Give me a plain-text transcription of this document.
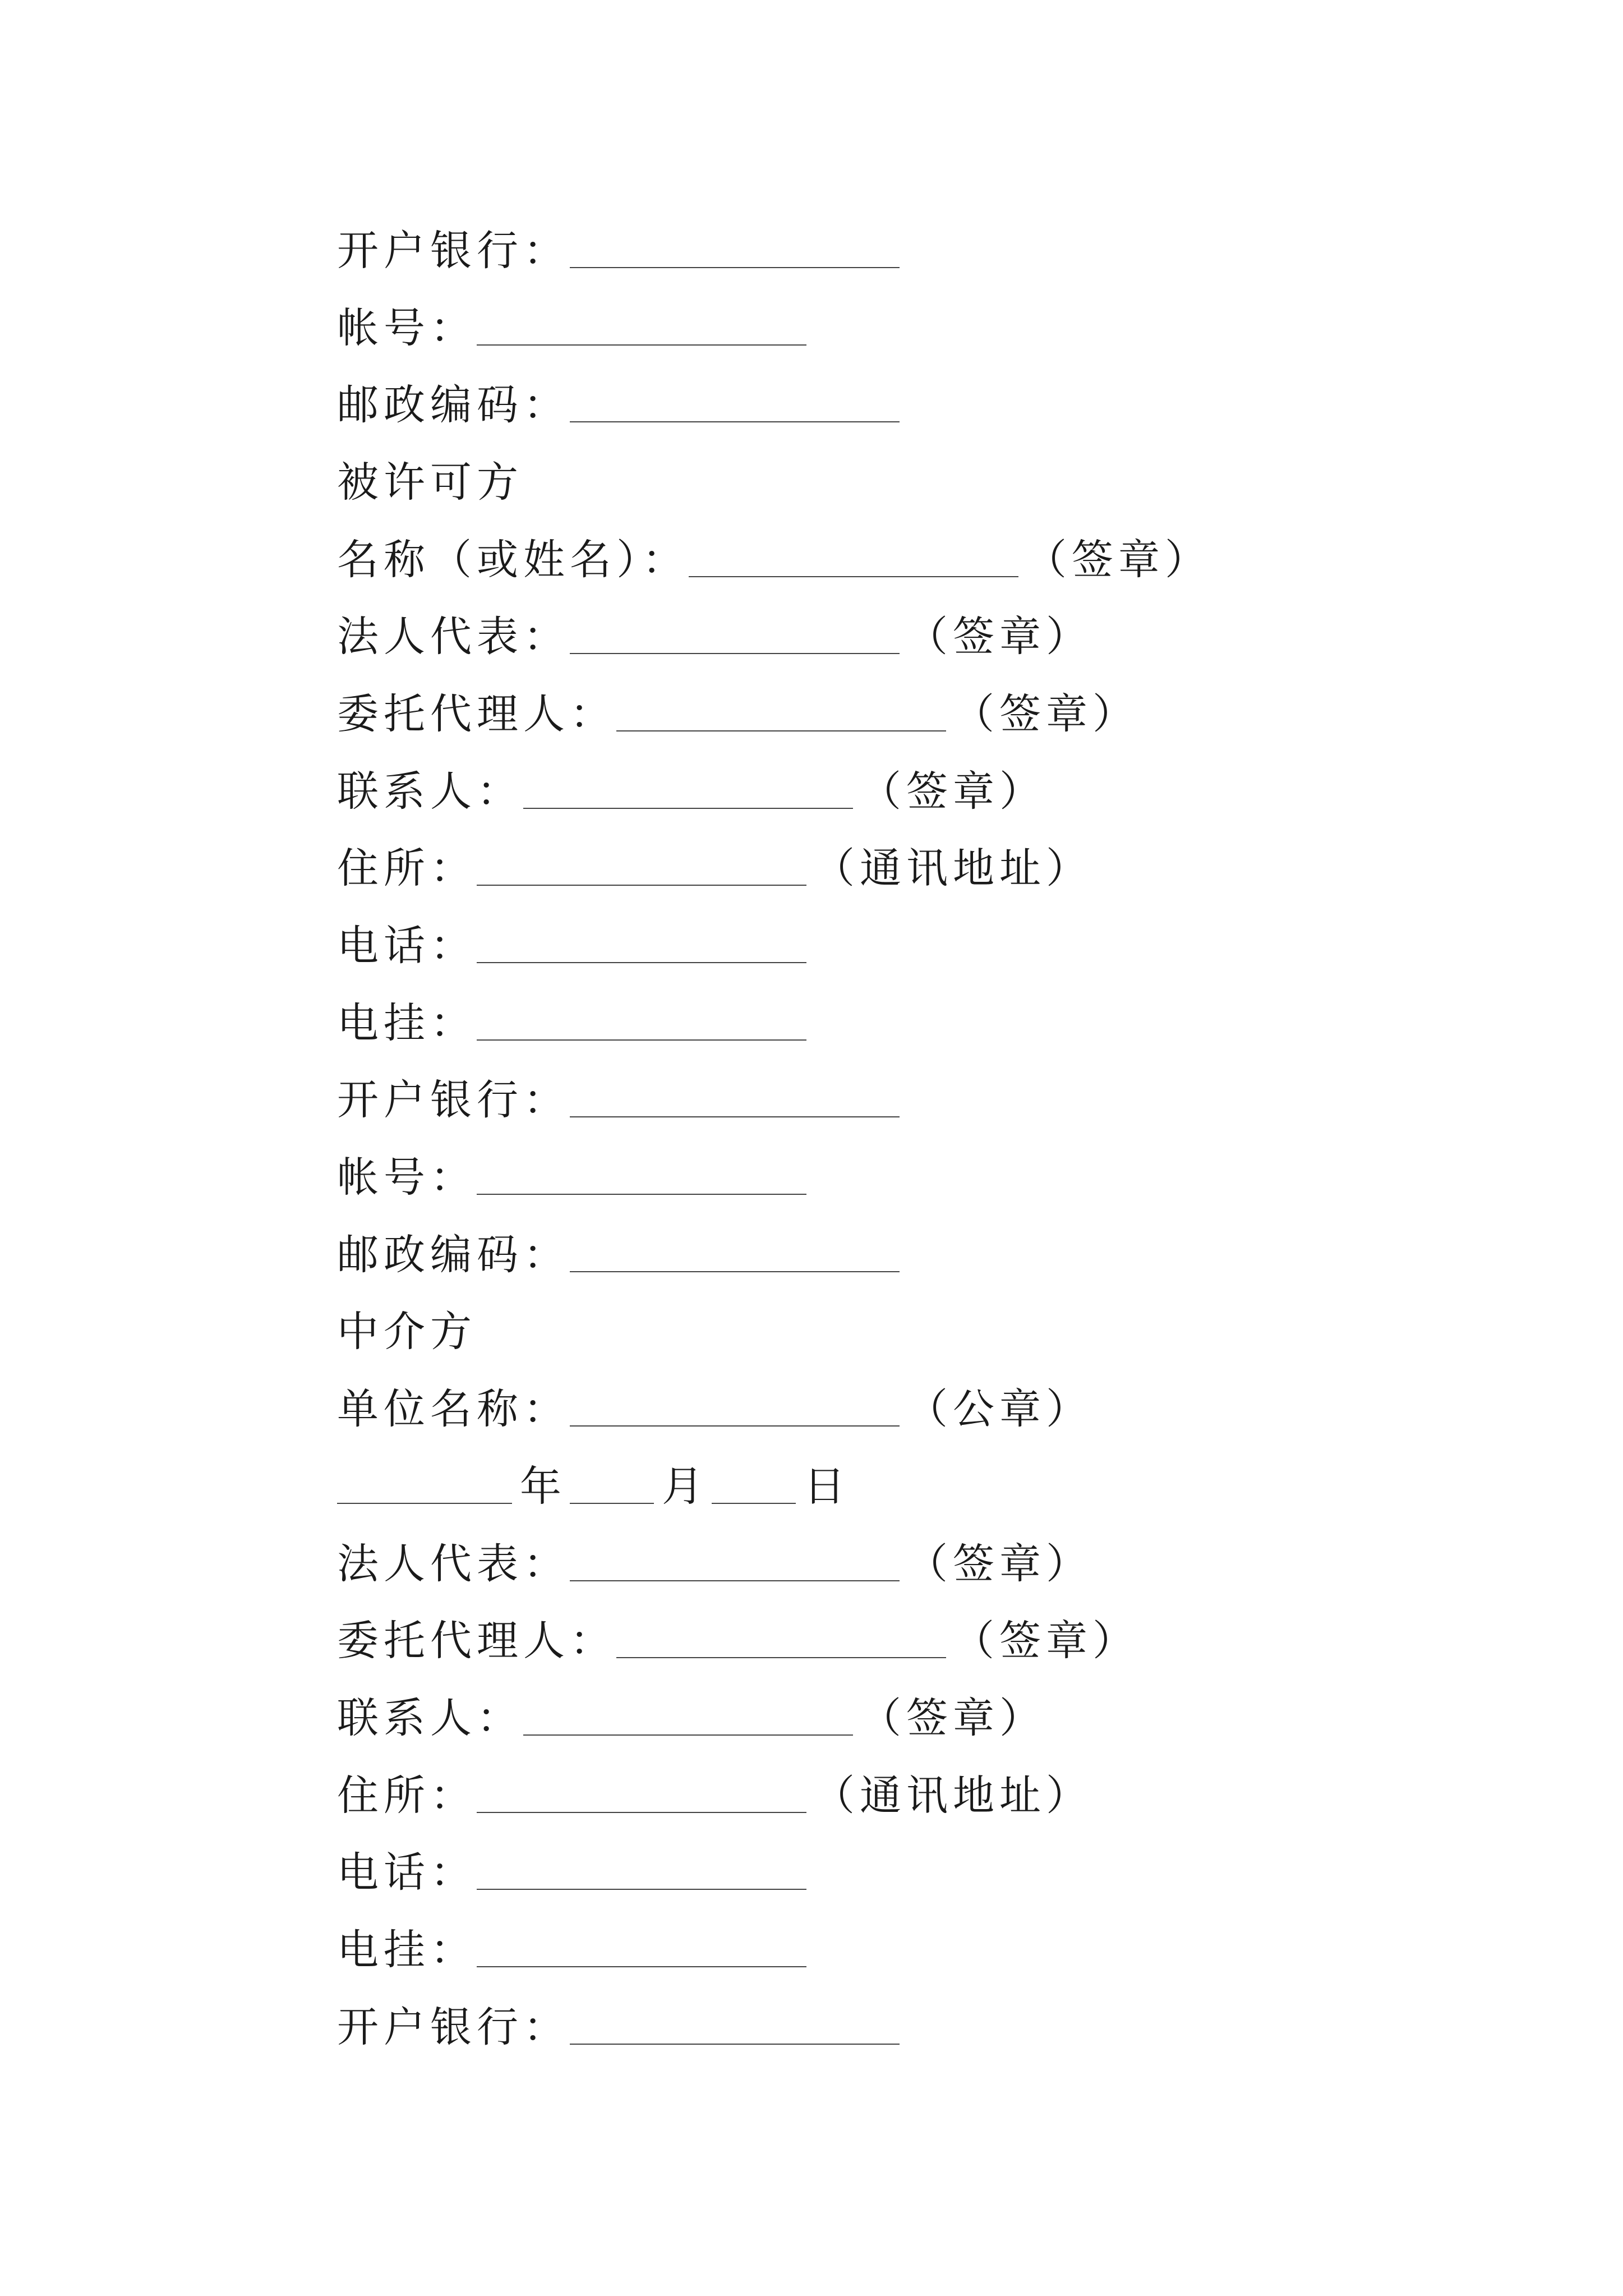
开户银行：
帐号：
邮政编码：
被许可方
名称（或姓名）：	（签章）
法人代表：	（签章）
委托代理人：	（签章）
联系人：	（签章）
住所：	（通讯地址）
电话：
电挂：
开户银行：
帐号：
邮政编码：
中介方
单位名称：	（公章）
年 月 日
法人代表：	（签章）
委托代理人：	（签章）
联系人：	（签章）
住所：	（通讯地址）
电话：
电挂：
开户银行：
